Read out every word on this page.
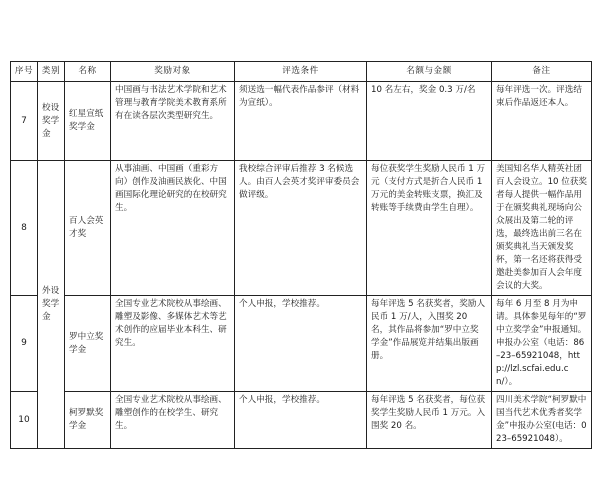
序号	类别	名称	奖励对象	评选条件	名额与金额	备注
7	校设奖学金	红星宣纸奖学金	中国画与书法艺术学院和艺术管理与教育学院美术教育系所有在读各层次类型研究生。	须送选一幅代表作品参评（材料为宣纸）。	10 名左右，奖金 0.3 万/名	每年评选一次。评选结束后作品返还本人。
8	外设奖学金	百人会英才奖	从事油画、中国画（重彩方向）创作及油画民族化、中国画国际化理论研究的在校研究生。	我校综合评审后推荐 3 名候选人。由百人会英才奖评审委员会做评级。	每位获奖学生奖励人民币 1 万元（支付方式是折合人民币 1 万元的美金转账支票，换汇及转账等手续费由学生自理）。	美国知名华人精英社团百人会设立。10 位获奖者每人提供一幅作品用于在颁奖典礼现场向公众展出及第二轮的评选，最终选出前三名在颁奖典礼当天颁发奖杯，第一名还将获得受邀赴美参加百人会年度会议的大奖。
9		罗中立奖学金	全国专业艺术院校从事绘画、雕塑及影像、多媒体艺术等艺术创作的应届毕业本科生、研究生。	个人申报，学校推荐。	每年评选 5 名获奖者，奖励人民币 1 万/人，入围奖 20 名，其作品将参加“罗中立奖学金”作品展览并结集出版画册。	每年 6 月至 8 月为申请。具体参见每年的“罗中立奖学金”申报通知。申报办公室（电话：86–23–65921048，http://lzl.scfai.edu.cn/）。
10		柯罗默奖学金	全国专业艺术院校从事绘画、雕塑创作的在校学生、研究生。	个人申报，学校推荐。	每年评选 5 名获奖者，每位获奖学生奖励人民币 1 万元。入围奖 20 名。	四川美术学院“柯罗默中国当代艺术优秀者奖学金”申报办公室(电话：023–65921048）。
